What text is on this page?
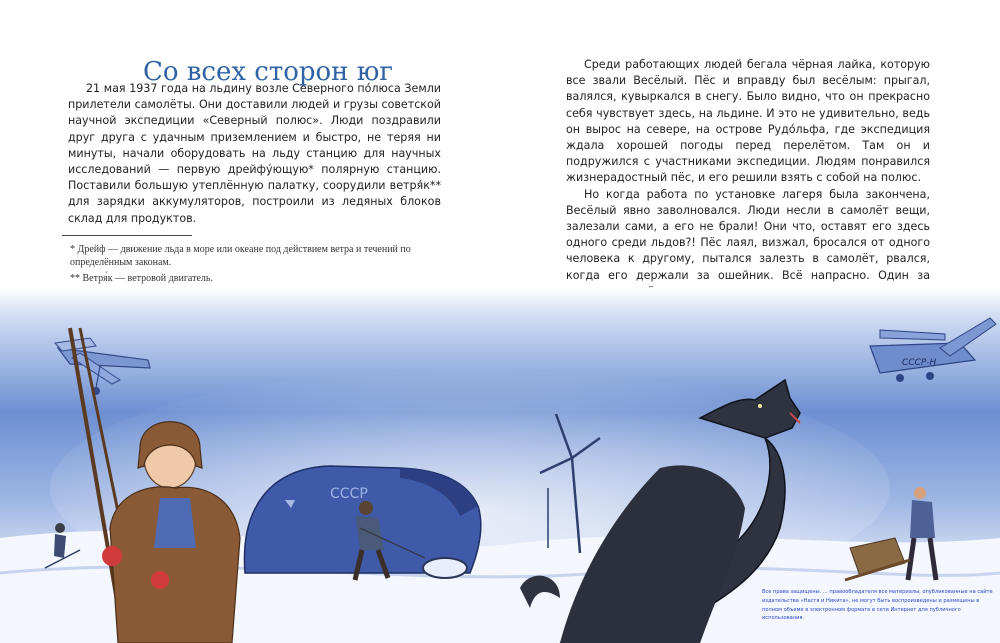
Со всех сторон юг

21 мая 1937 года на льдину возле Северного по́люса Земли прилетели самолёты. Они доставили людей и грузы советской научной экспедиции «Северный полюс». Люди поздравили друг друга с удачным приземлением и быстро, не теряя ни минуты, начали оборудовать на льду станцию для научных исследований — первую дрейфу́ющую* полярную станцию. Поставили большую утеплённую палатку, соорудили ветря́к** для зарядки аккумуляторов, построили из ледяных блоков склад для продуктов.

* Дрейф — движение льда в море или океане под действием ветра и течений по определённым законам.
** Ветря́к — ветровой двигатель.

Среди работающих людей бегала чёрная лайка, которую все звали Весёлый. Пёс и вправду был весёлым: прыгал, валялся, кувыркался в снегу. Было видно, что он прекрасно себя чувствует здесь, на льдине. И это не удивительно, ведь он вырос на севере, на острове Рудо́льфа, где экспедиция ждала хорошей погоды перед перелётом. Там он и подружился с участниками экспедиции. Людям понравился жизнерадостный пёс, и его решили взять с собой на полюс.

Но когда работа по установке лагеря была закончена, Весёлый явно заволновался. Люди несли в самолёт вещи, залезали сами, а его не брали! Они что, оставят его здесь одного среди льдов?! Пёс лаял, визжал, бросался от одного человека к другому, пытался залезть в самолёт, рвался, когда его держали за ошейник. Всё напрасно. Один за

СССР-Н
СССР
Все права защищены. ... правообладателя все материалы, опубликованные на сайте издательства «Настя и Никита», не могут быть воспроизведены и размещены в полном объеме в электронном формате в сети Интернет для публичного использования.
